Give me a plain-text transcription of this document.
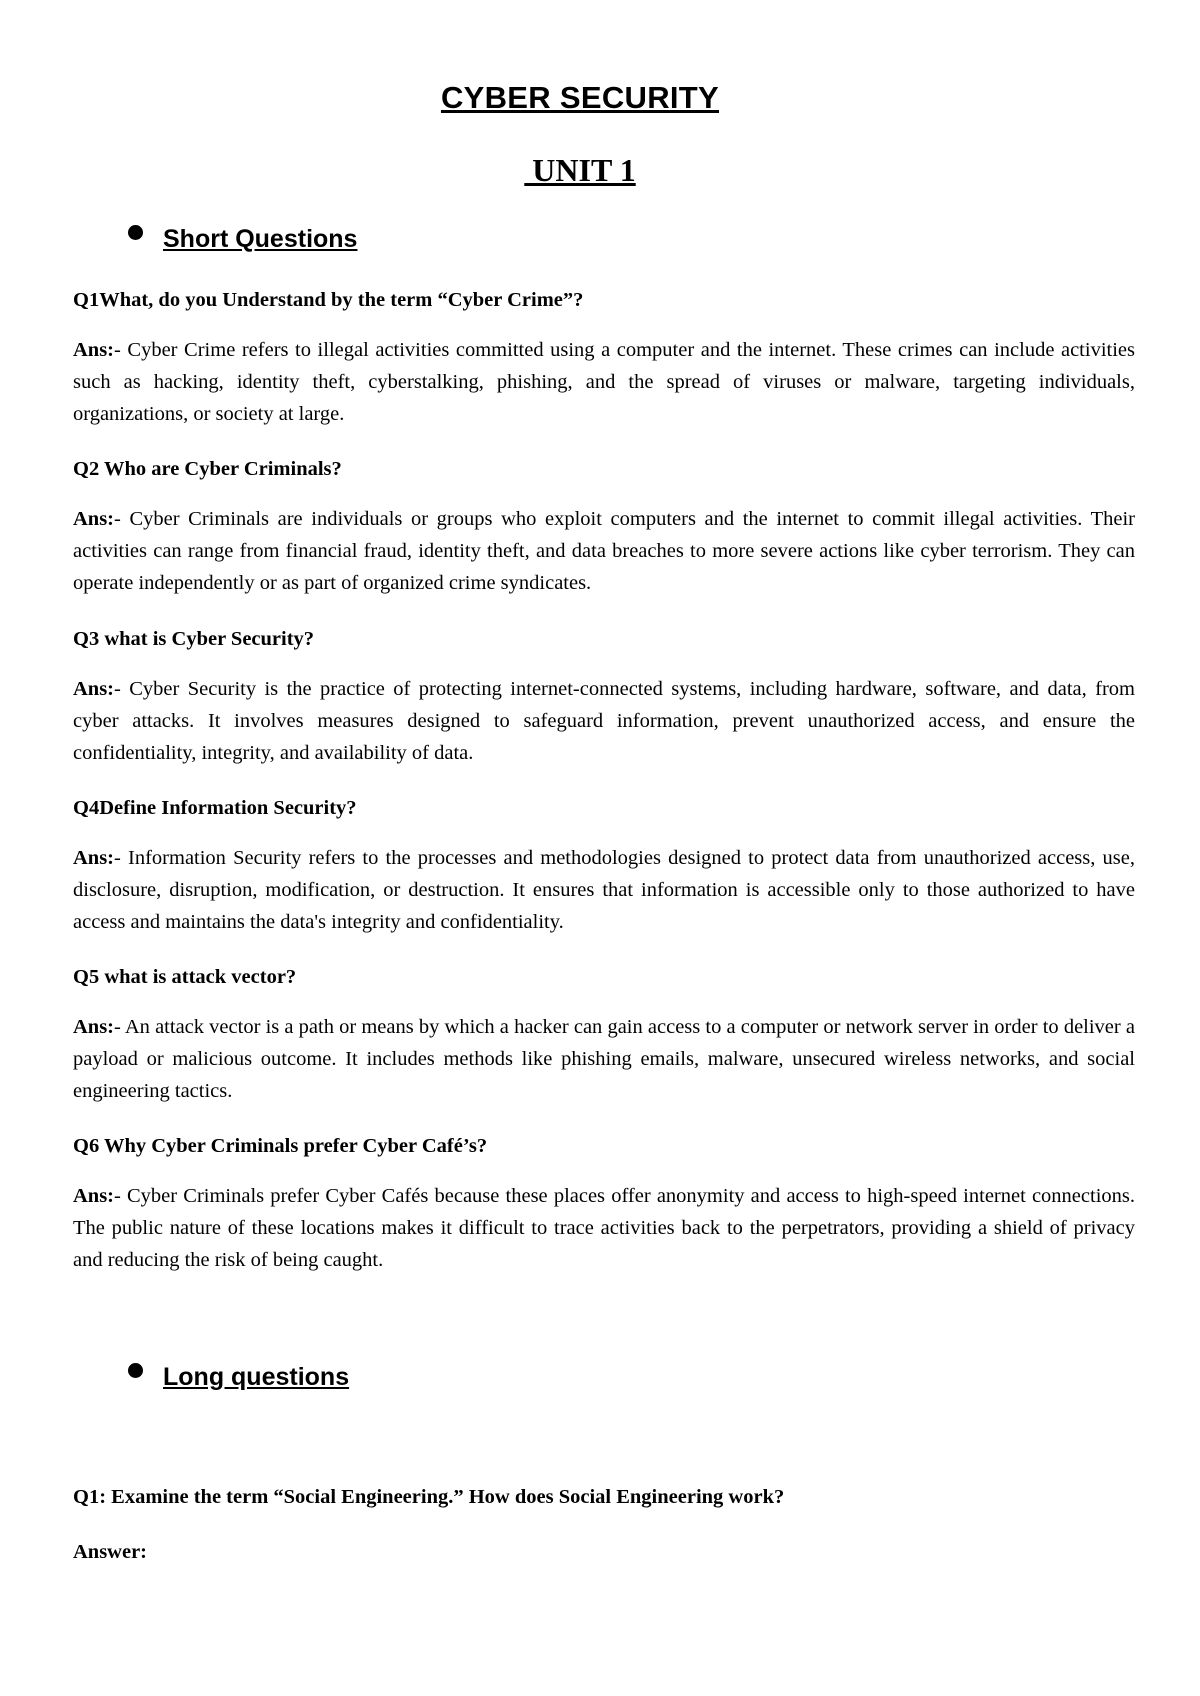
CYBER SECURITY
UNIT 1
Short Questions

Q1What, do you Understand by the term “Cyber Crime”?

Ans:- Cyber Crime refers to illegal activities committed using a computer and the internet. These crimes can include activities such as hacking, identity theft, cyberstalking, phishing, and the spread of viruses or malware, targeting individuals, organizations, or society at large.

Q2 Who are Cyber Criminals?

Ans:- Cyber Criminals are individuals or groups who exploit computers and the internet to commit illegal activities. Their activities can range from financial fraud, identity theft, and data breaches to more severe actions like cyber terrorism. They can operate independently or as part of organized crime syndicates.

Q3 what is Cyber Security?

Ans:- Cyber Security is the practice of protecting internet-connected systems, including hardware, software, and data, from cyber attacks. It involves measures designed to safeguard information, prevent unauthorized access, and ensure the confidentiality, integrity, and availability of data.

Q4Define Information Security?

Ans:- Information Security refers to the processes and methodologies designed to protect data from unauthorized access, use, disclosure, disruption, modification, or destruction. It ensures that information is accessible only to those authorized to have access and maintains the data's integrity and confidentiality.

Q5 what is attack vector?

Ans:- An attack vector is a path or means by which a hacker can gain access to a computer or network server in order to deliver a payload or malicious outcome. It includes methods like phishing emails, malware, unsecured wireless networks, and social engineering tactics.

Q6 Why Cyber Criminals prefer Cyber Café’s?

Ans:- Cyber Criminals prefer Cyber Cafés because these places offer anonymity and access to high-speed internet connections. The public nature of these locations makes it difficult to trace activities back to the perpetrators, providing a shield of privacy and reducing the risk of being caught.

Long questions

Q1: Examine the term “Social Engineering.” How does Social Engineering work?

Answer:
